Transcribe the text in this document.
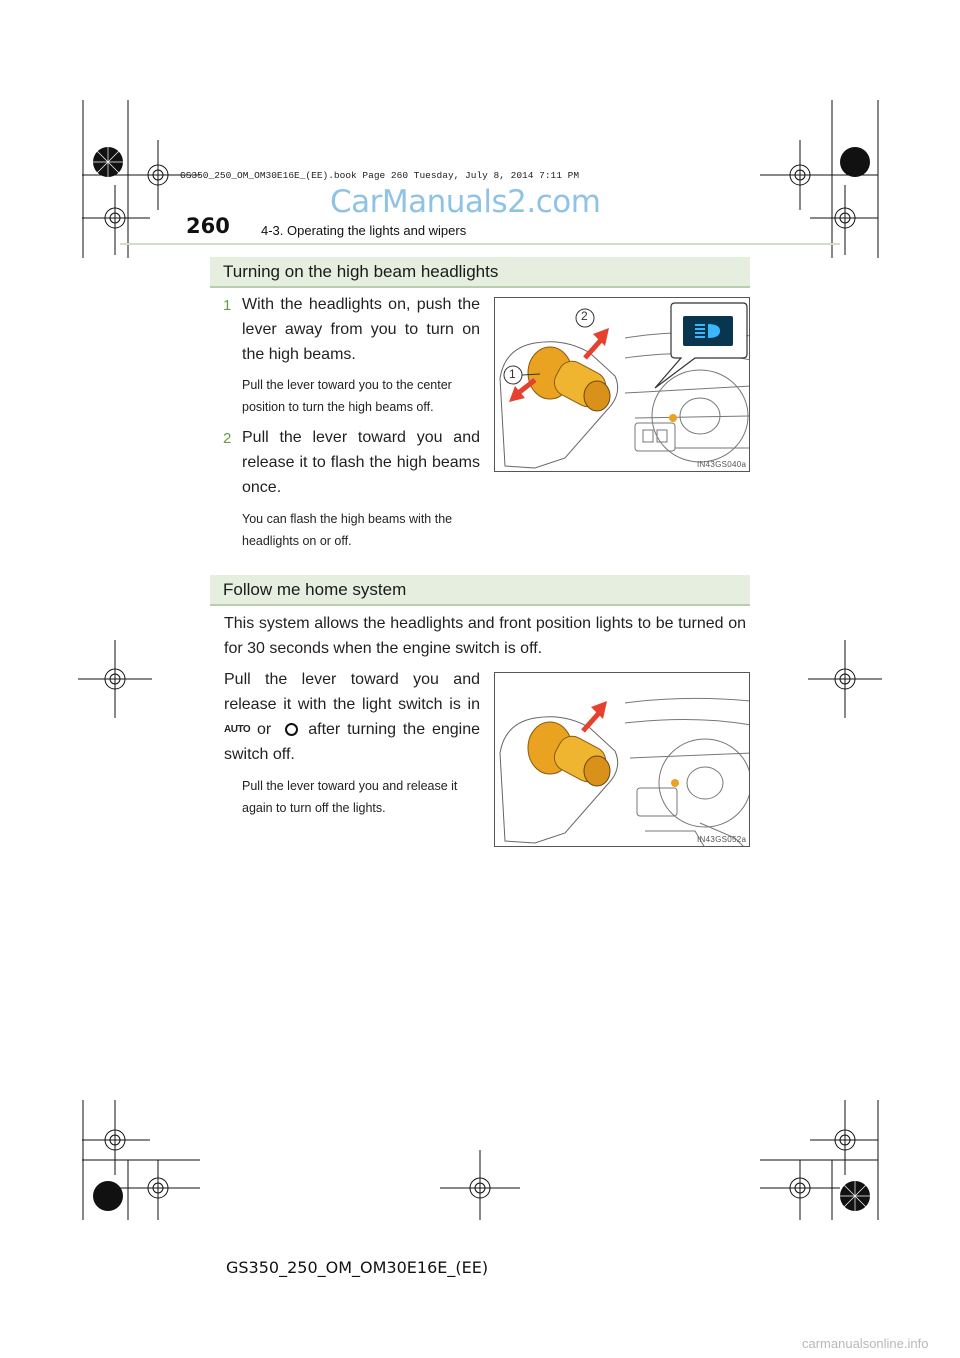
GS350_250_OM_OM30E16E_(EE).book Page 260 Tuesday, July 8, 2014 7:11 PM
CarManuals2.com
260 4-3. Operating the lights and wipers
Turning on the high beam headlights
1 With the headlights on, push the lever away from you to turn on the high beams.
Pull the lever toward you to the center position to turn the high beams off.
2 Pull the lever toward you and release it to flash the high beams once.
You can flash the high beams with the headlights on or off.
2
1
IN43GS040a
Follow me home system
This system allows the headlights and front position lights to be turned on for 30 seconds when the engine switch is off.
Pull the lever toward you and release it with the light switch is in AUTO or after turning the engine switch off.
Pull the lever toward you and release it again to turn off the lights.
IN43GS052a
GS350_250_OM_OM30E16E_(EE)
carmanualsonline.info
